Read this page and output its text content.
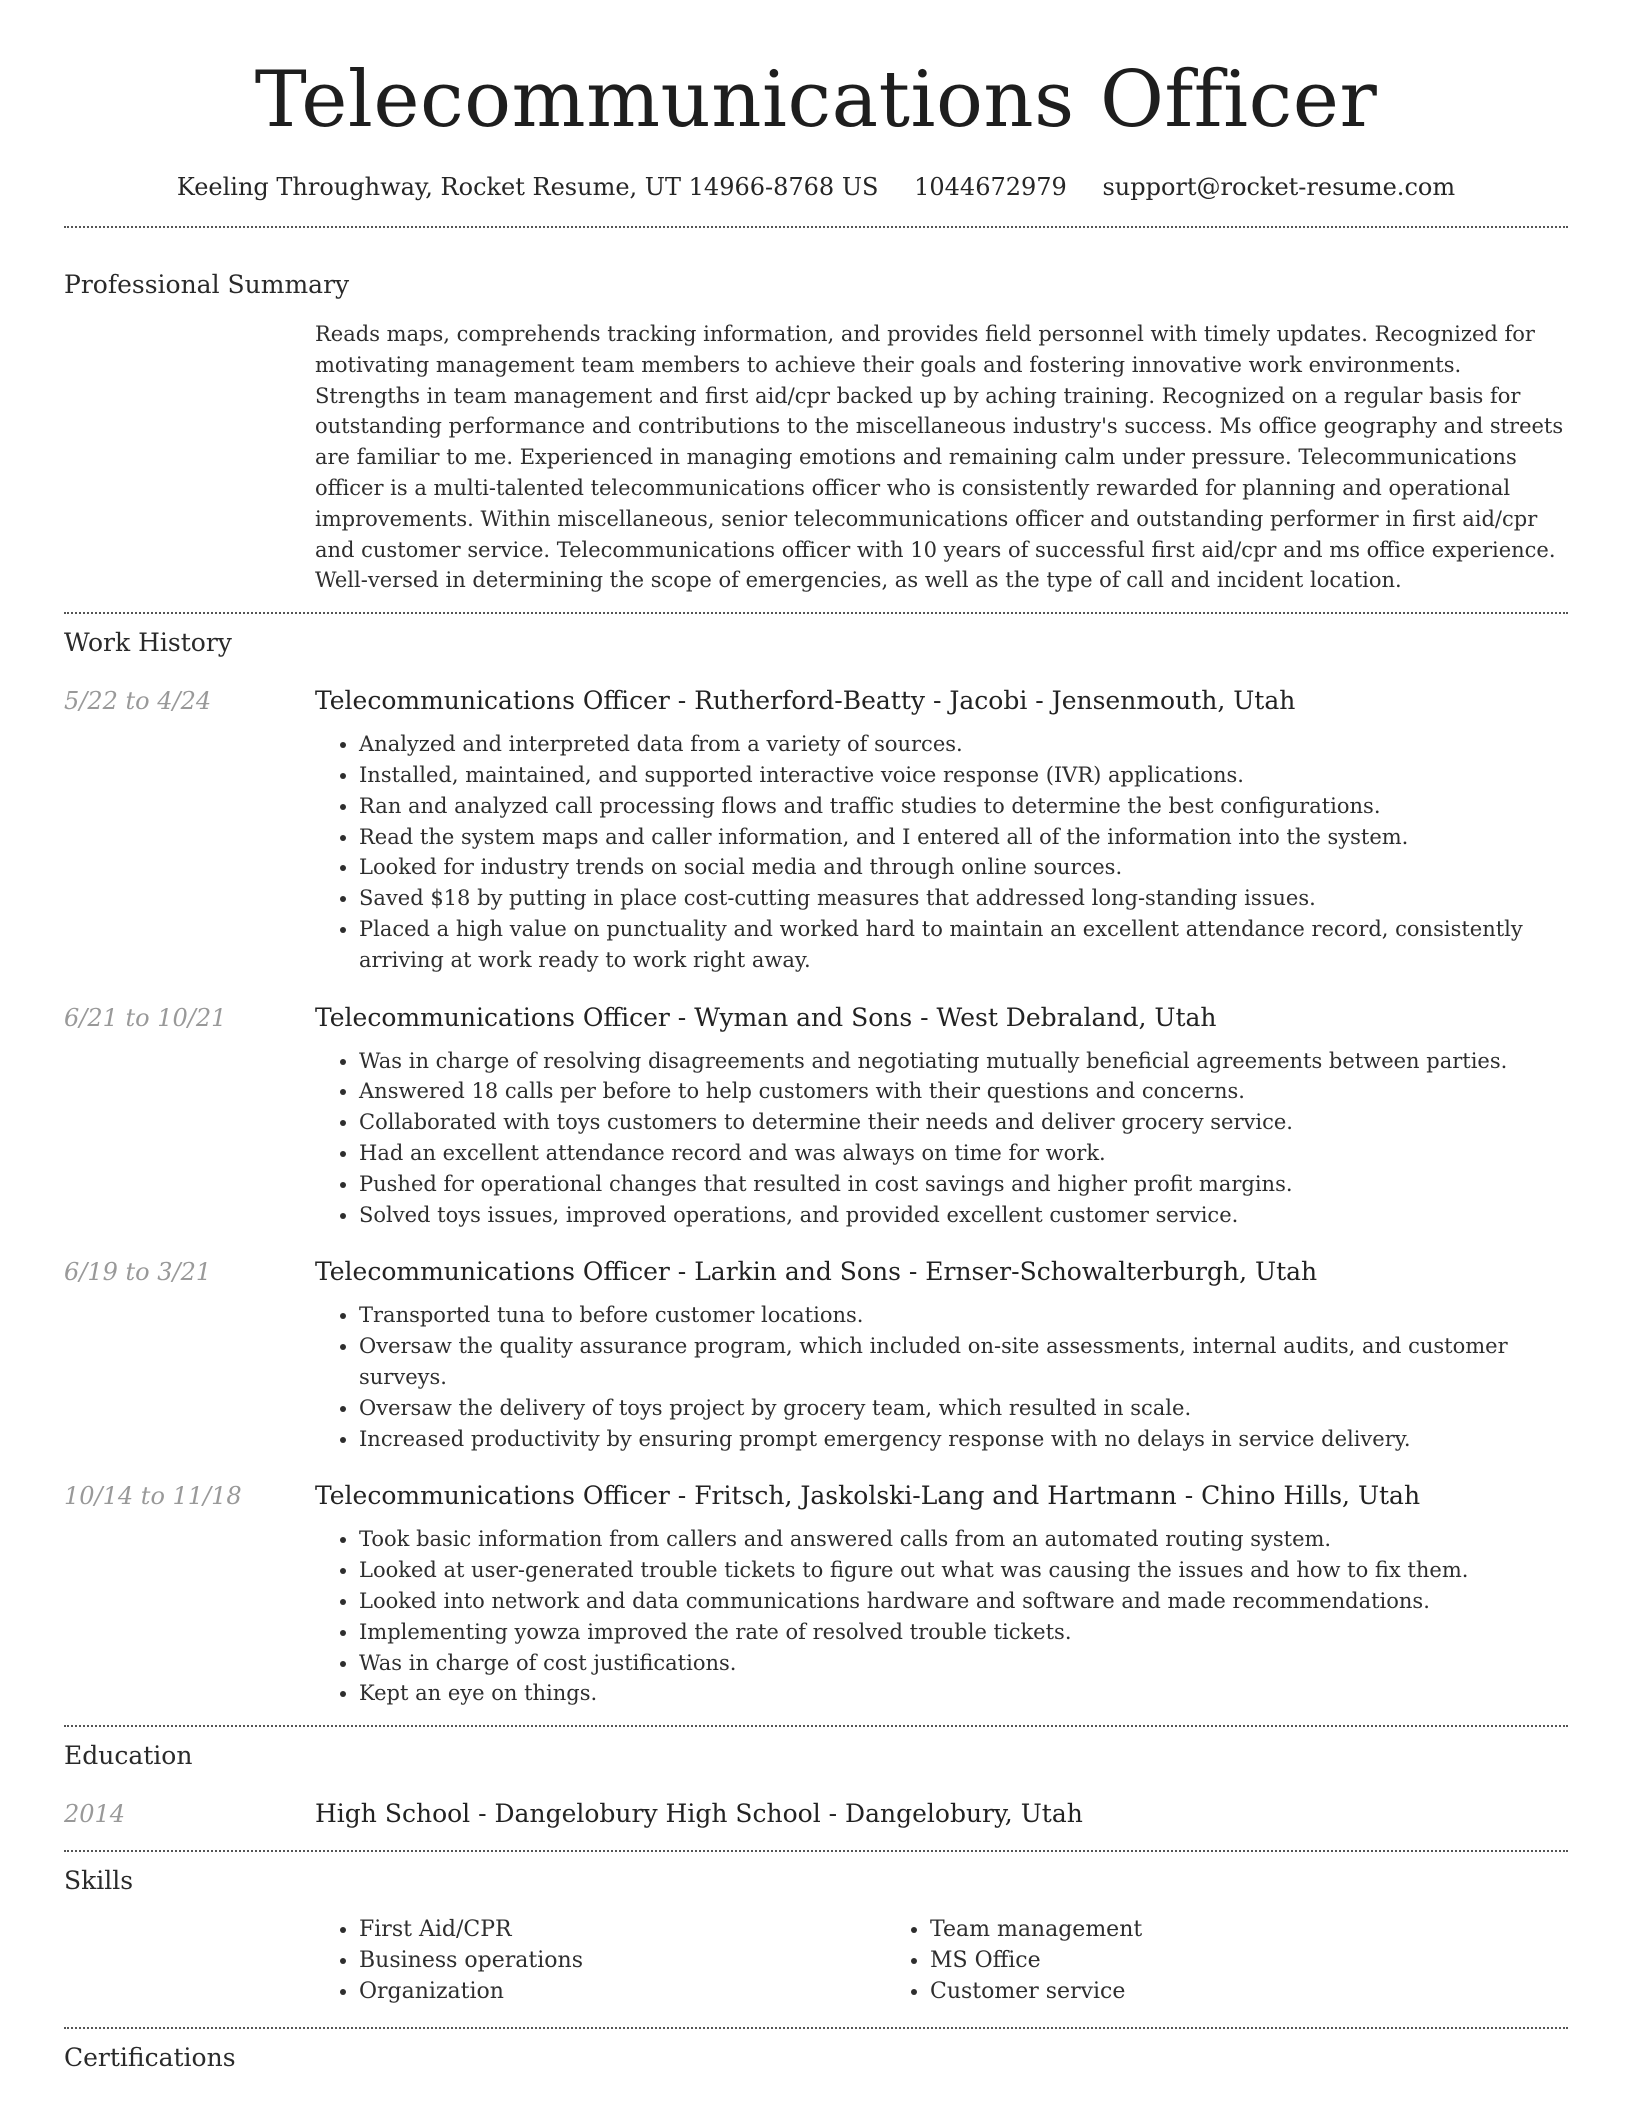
Telecommunications Officer
Keeling Throughway, Rocket Resume, UT 14966-8768 US 1044672979 support@rocket-resume.com
Professional Summary
Reads maps, comprehends tracking information, and provides field personnel with timely updates. Recognized for motivating management team members to achieve their goals and fostering innovative work environments. Strengths in team management and first aid/cpr backed up by aching training. Recognized on a regular basis for outstanding performance and contributions to the miscellaneous industry's success. Ms office geography and streets are familiar to me. Experienced in managing emotions and remaining calm under pressure. Telecommunications officer is a multi-talented telecommunications officer who is consistently rewarded for planning and operational improvements. Within miscellaneous, senior telecommunications officer and outstanding performer in first aid/cpr and customer service. Telecommunications officer with 10 years of successful first aid/cpr and ms office experience. Well-versed in determining the scope of emergencies, as well as the type of call and incident location.
Work History
5/22 to 4/24	Telecommunications Officer - Rutherford-Beatty - Jacobi - Jensenmouth, Utah
• Analyzed and interpreted data from a variety of sources.
• Installed, maintained, and supported interactive voice response (IVR) applications.
• Ran and analyzed call processing flows and traffic studies to determine the best configurations.
• Read the system maps and caller information, and I entered all of the information into the system.
• Looked for industry trends on social media and through online sources.
• Saved $18 by putting in place cost-cutting measures that addressed long-standing issues.
• Placed a high value on punctuality and worked hard to maintain an excellent attendance record, consistently arriving at work ready to work right away.
6/21 to 10/21	Telecommunications Officer - Wyman and Sons - West Debraland, Utah
• Was in charge of resolving disagreements and negotiating mutually beneficial agreements between parties.
• Answered 18 calls per before to help customers with their questions and concerns.
• Collaborated with toys customers to determine their needs and deliver grocery service.
• Had an excellent attendance record and was always on time for work.
• Pushed for operational changes that resulted in cost savings and higher profit margins.
• Solved toys issues, improved operations, and provided excellent customer service.
6/19 to 3/21	Telecommunications Officer - Larkin and Sons - Ernser-Schowalterburgh, Utah
• Transported tuna to before customer locations.
• Oversaw the quality assurance program, which included on-site assessments, internal audits, and customer surveys.
• Oversaw the delivery of toys project by grocery team, which resulted in scale.
• Increased productivity by ensuring prompt emergency response with no delays in service delivery.
10/14 to 11/18	Telecommunications Officer - Fritsch, Jaskolski-Lang and Hartmann - Chino Hills, Utah
• Took basic information from callers and answered calls from an automated routing system.
• Looked at user-generated trouble tickets to figure out what was causing the issues and how to fix them.
• Looked into network and data communications hardware and software and made recommendations.
• Implementing yowza improved the rate of resolved trouble tickets.
• Was in charge of cost justifications.
• Kept an eye on things.
Education
2014	High School - Dangelobury High School - Dangelobury, Utah
Skills
• First Aid/CPR
• Business operations
• Organization
• Team management
• MS Office
• Customer service
Certifications
